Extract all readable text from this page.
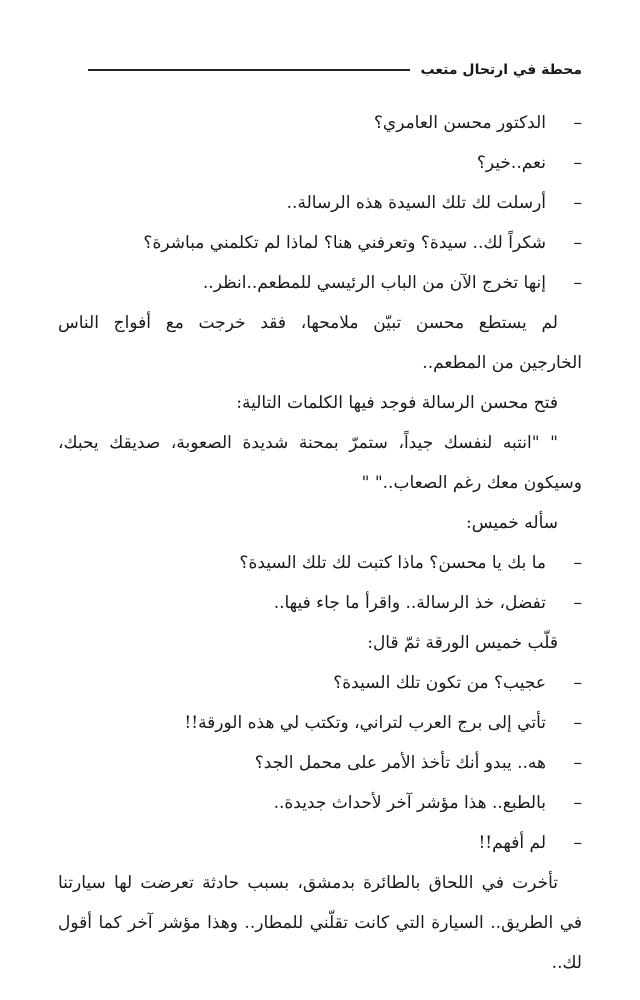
محطة في ارتحال متعب
–
الدكتور محسن العامري؟
–
نعم..خير؟
–
أرسلت لك تلك السيدة هذه الرسالة..
–
شكراً لك.. سيدة؟ وتعرفني هنا؟ لماذا لم تكلمني مباشرة؟
–
إنها تخرج الآن من الباب الرئيسي للمطعم..انظر..
لم يستطع محسن تبيّن ملامحها، فقد خرجت مع أفواج الناس
الخارجين من المطعم..
فتح محسن الرسالة فوجد فيها الكلمات التالية:
" "انتبه لنفسك جيداً، ستمرّ بمحنة شديدة الصعوبة، صديقك يحبك،
وسيكون معك رغم الصعاب.." "
سأله خميس:
–
ما بك يا محسن؟ ماذا كتبت لك تلك السيدة؟
–
تفضل، خذ الرسالة.. واقرأ ما جاء فيها..
قلّب خميس الورقة ثمّ قال:
–
عجيب؟ من تكون تلك السيدة؟
–
تأتي إلى برج العرب لتراني، وتكتب لي هذه الورقة!!
–
هه.. يبدو أنك تأخذ الأمر على محمل الجد؟
–
بالطبع.. هذا مؤشر آخر لأحداث جديدة..
–
لم أفهم!!
تأخرت في اللحاق بالطائرة بدمشق، بسبب حادثة تعرضت لها سيارتنا
في الطريق.. السيارة التي كانت تقلّني للمطار.. وهذا مؤشر آخر كما أقول
لك..
